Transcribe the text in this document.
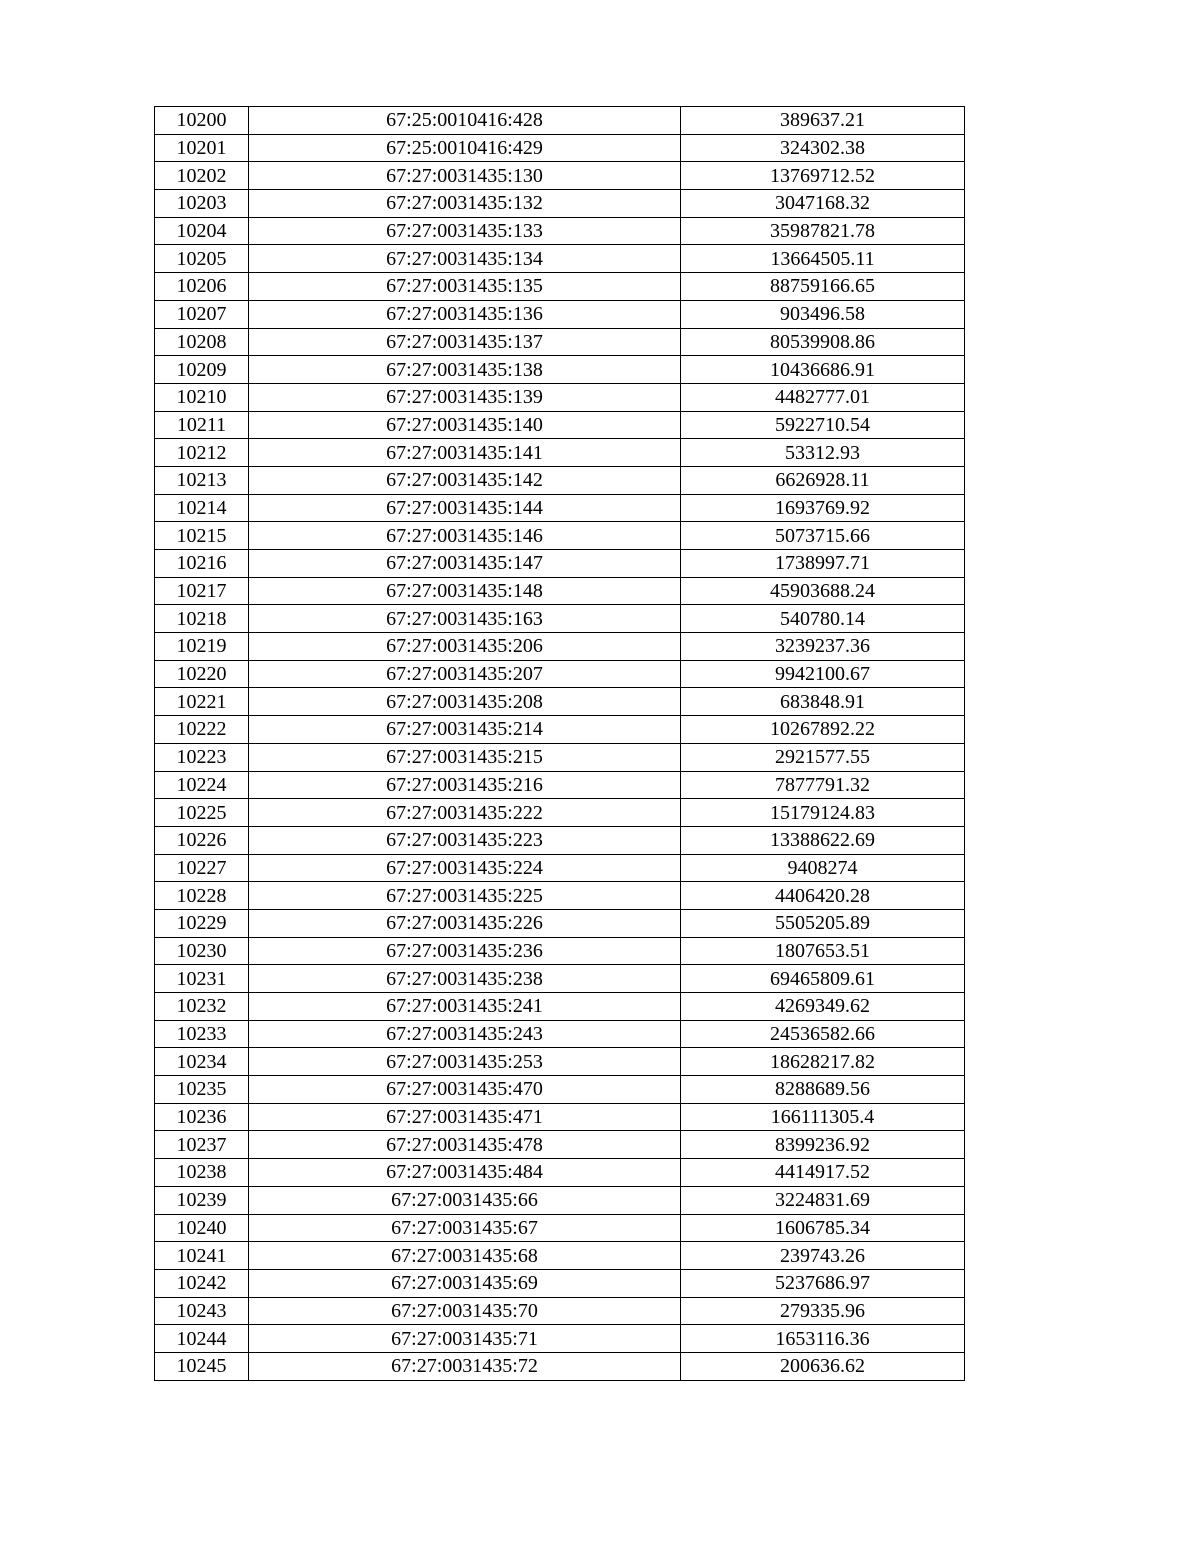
10200	67:25:0010416:428	389637.21
10201	67:25:0010416:429	324302.38
10202	67:27:0031435:130	13769712.52
10203	67:27:0031435:132	3047168.32
10204	67:27:0031435:133	35987821.78
10205	67:27:0031435:134	13664505.11
10206	67:27:0031435:135	88759166.65
10207	67:27:0031435:136	903496.58
10208	67:27:0031435:137	80539908.86
10209	67:27:0031435:138	10436686.91
10210	67:27:0031435:139	4482777.01
10211	67:27:0031435:140	5922710.54
10212	67:27:0031435:141	53312.93
10213	67:27:0031435:142	6626928.11
10214	67:27:0031435:144	1693769.92
10215	67:27:0031435:146	5073715.66
10216	67:27:0031435:147	1738997.71
10217	67:27:0031435:148	45903688.24
10218	67:27:0031435:163	540780.14
10219	67:27:0031435:206	3239237.36
10220	67:27:0031435:207	9942100.67
10221	67:27:0031435:208	683848.91
10222	67:27:0031435:214	10267892.22
10223	67:27:0031435:215	2921577.55
10224	67:27:0031435:216	7877791.32
10225	67:27:0031435:222	15179124.83
10226	67:27:0031435:223	13388622.69
10227	67:27:0031435:224	9408274
10228	67:27:0031435:225	4406420.28
10229	67:27:0031435:226	5505205.89
10230	67:27:0031435:236	1807653.51
10231	67:27:0031435:238	69465809.61
10232	67:27:0031435:241	4269349.62
10233	67:27:0031435:243	24536582.66
10234	67:27:0031435:253	18628217.82
10235	67:27:0031435:470	8288689.56
10236	67:27:0031435:471	166111305.4
10237	67:27:0031435:478	8399236.92
10238	67:27:0031435:484	4414917.52
10239	67:27:0031435:66	3224831.69
10240	67:27:0031435:67	1606785.34
10241	67:27:0031435:68	239743.26
10242	67:27:0031435:69	5237686.97
10243	67:27:0031435:70	279335.96
10244	67:27:0031435:71	1653116.36
10245	67:27:0031435:72	200636.62
